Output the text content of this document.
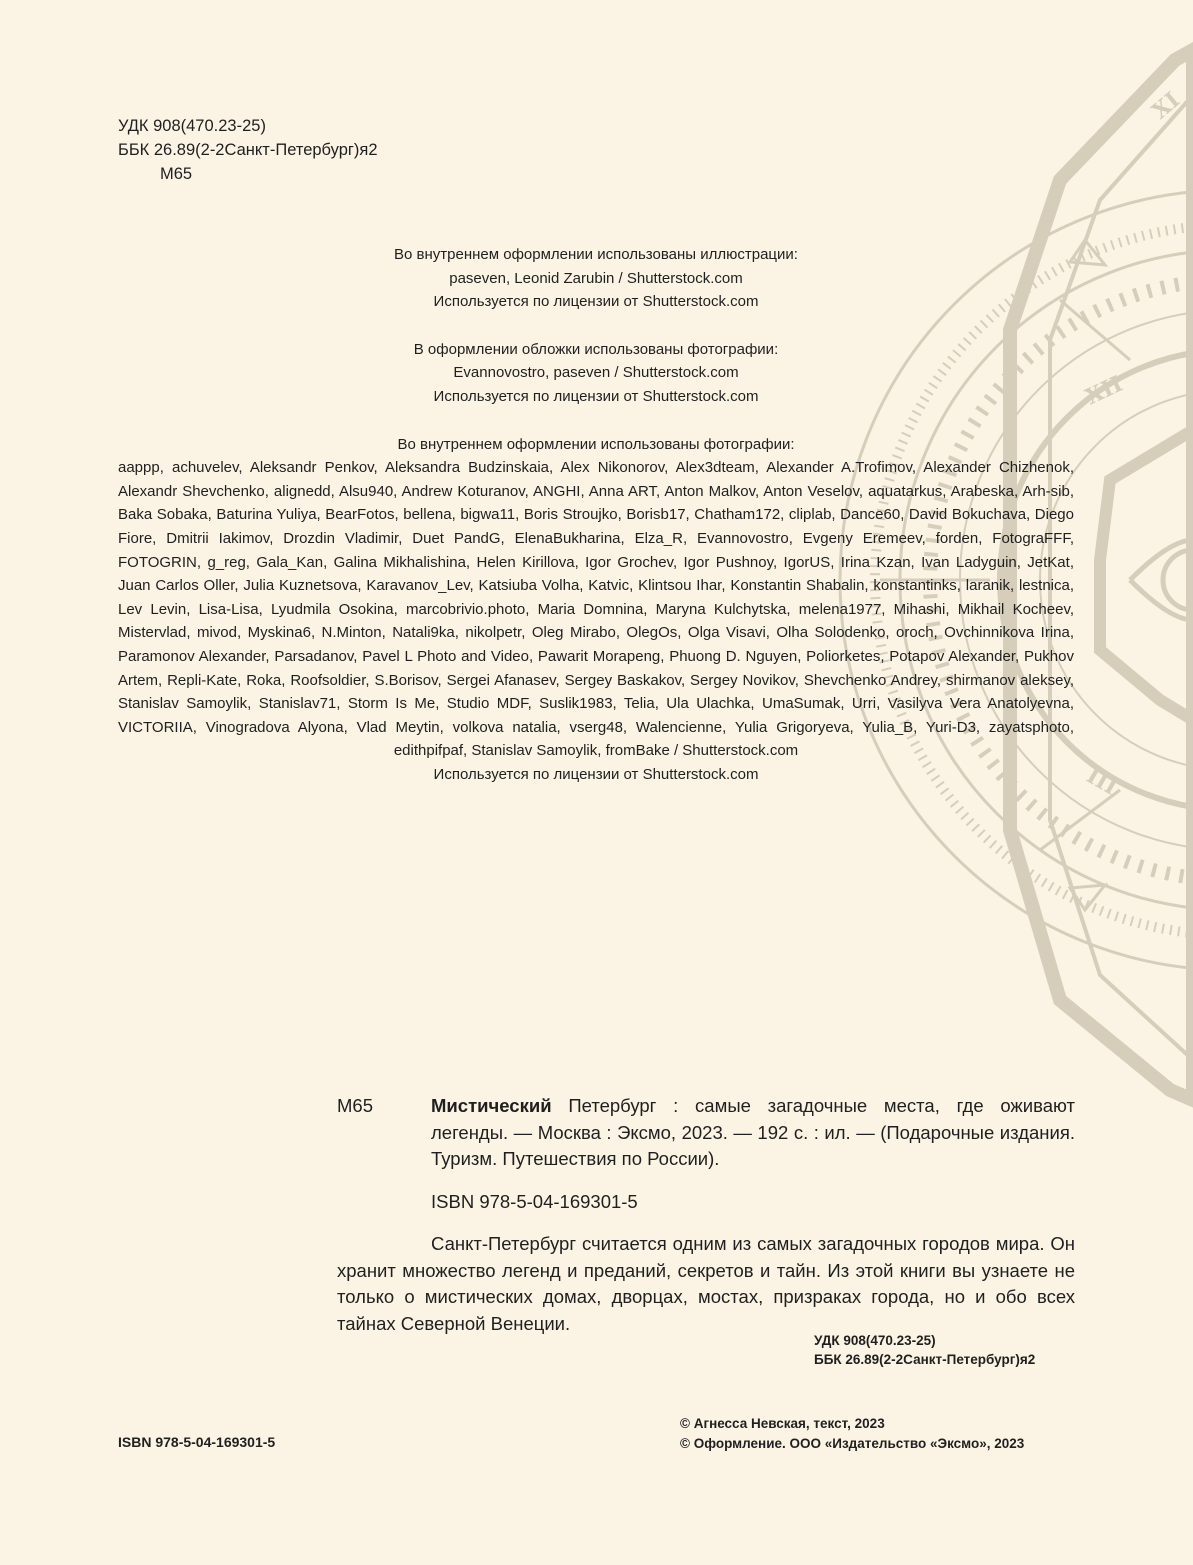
XII
XI
III
УДК 908(470.23-25)
ББК 26.89(2-2Санкт-Петербург)я2
М65
Во внутреннем оформлении использованы иллюстрации:
paseven, Leonid Zarubin / Shutterstock.com
Используется по лицензии от Shutterstock.com
В оформлении обложки использованы фотографии:
Evannovostro, paseven / Shutterstock.com
Используется по лицензии от Shutterstock.com
Во внутреннем оформлении использованы фотографии:
aappp, achuvelev, Aleksandr Penkov, Aleksandra Budzinskaia, Alex Nikonorov, Alex3dteam, Alexander A.Trofimov, Alexander Chizhenok, Alexandr Shevchenko, alignedd, Alsu940, Andrew Koturanov, ANGHI, Anna ART, Anton Malkov, Anton Veselov, aquatarkus, Arabeska, Arh-sib, Baka Sobaka, Baturina Yuliya, BearFotos, bellena, bigwa11, Boris Stroujko, Borisb17, Chatham172, cliplab, Dance60, David Bokuchava, Diego Fiore, Dmitrii Iakimov, Drozdin Vladimir, Duet PandG, ElenaBukharina, Elza_R, Evannovostro, Evgeny Eremeev, forden, FotograFFF, FOTOGRIN, g_reg, Gala_Kan, Galina Mikhalishina, Helen Kirillova, Igor Grochev, Igor Pushnoy, IgorUS, Irina Kzan, Ivan Ladyguin, JetKat, Juan Carlos Oller, Julia Kuznetsova, Karavanov_Lev, Katsiuba Volha, Katvic, Klintsou Ihar, Konstantin Shabalin, konstantinks, laranik, lestnica, Lev Levin, Lisa-Lisa, Lyudmila Osokina, marcobrivio.photo, Maria Domnina, Maryna Kulchytska, melena1977, Mihashi, Mikhail Kocheev, Mistervlad, mivod, Myskina6, N.Minton, Natali9ka, nikolpetr, Oleg Mirabo, OlegOs, Olga Visavi, Olha Solodenko, oroch, Ovchinnikova Irina, Paramonov Alexander, Parsadanov, Pavel L Photo and Video, Pawarit Morapeng, Phuong D. Nguyen, Poliorketes, Potapov Alexander, Pukhov Artem, Repli-Kate, Roka, Roofsoldier, S.Borisov, Sergei Afanasev, Sergey Baskakov, Sergey Novikov, Shevchenko Andrey, shirmanov aleksey, Stanislav Samoylik, Stanislav71, Storm Is Me, Studio MDF, Suslik1983, Telia, Ula Ulachka, UmaSumak, Urri, Vasilyva Vera Anatolyevna, VICTORIIA, Vinogradova Alyona, Vlad Meytin, volkova natalia, vserg48, Walencienne, Yulia Grigoryeva, Yulia_B, Yuri-D3, zayatsphoto, edithpifpaf, Stanislav Samoylik, fromBake / Shutterstock.com
Используется по лицензии от Shutterstock.com
М65	Мистический Петербург : самые загадочные места, где оживают легенды. — Москва : Эксмо, 2023. — 192 с. : ил. — (Подарочные издания. Туризм. Путешествия по России).
ISBN 978-5-04-169301-5
Санкт-Петербург считается одним из самых загадочных городов мира. Он хранит множество легенд и преданий, секретов и тайн. Из этой книги вы узнаете не только о мистических домах, дворцах, мостах, призраках города, но и обо всех тайнах Северной Венеции.
УДК 908(470.23-25)
ББК 26.89(2-2Санкт-Петербург)я2
© Агнесса Невская, текст, 2023
© Оформление. ООО «Издательство «Эксмо», 2023
ISBN 978-5-04-169301-5
